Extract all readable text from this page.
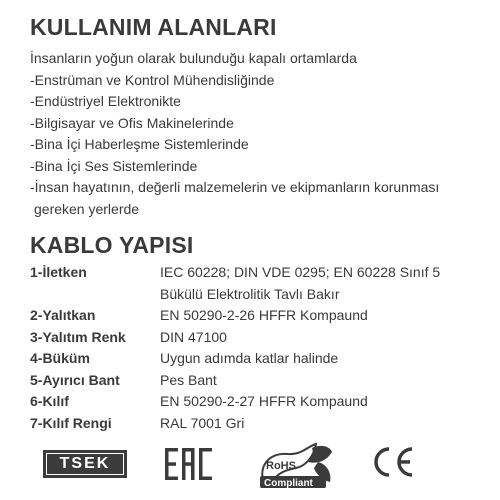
KULLANIM ALANLARI
İnsanların yoğun olarak bulunduğu kapalı ortamlarda
-Enstrüman ve Kontrol Mühendisliğinde
-Endüstriyel Elektronikte
-Bilgisayar ve Ofis Makinelerinde
-Bina İçi Haberleşme Sistemlerinde
-Bina İçi Ses Sistemlerinde
-İnsan hayatının, değerli malzemelerin ve ekipmanların korunması
gereken yerlerde
KABLO YAPISI
1-İletken	IEC 60228; DIN VDE 0295; EN 60228 Sınıf 5
Bükülü Elektrolitik Tavlı Bakır
2-Yalıtkan	EN 50290-2-26 HFFR Kompaund
3-Yalıtım Renk	DIN 47100
4-Büküm	Uygun adımda katlar halinde
5-Ayırıcı Bant	Pes Bant
6-Kılıf	EN 50290-2-27 HFFR Kompaund
7-Kılıf Rengi	RAL 7001 Gri
TSEK	RoHS
Compliant
